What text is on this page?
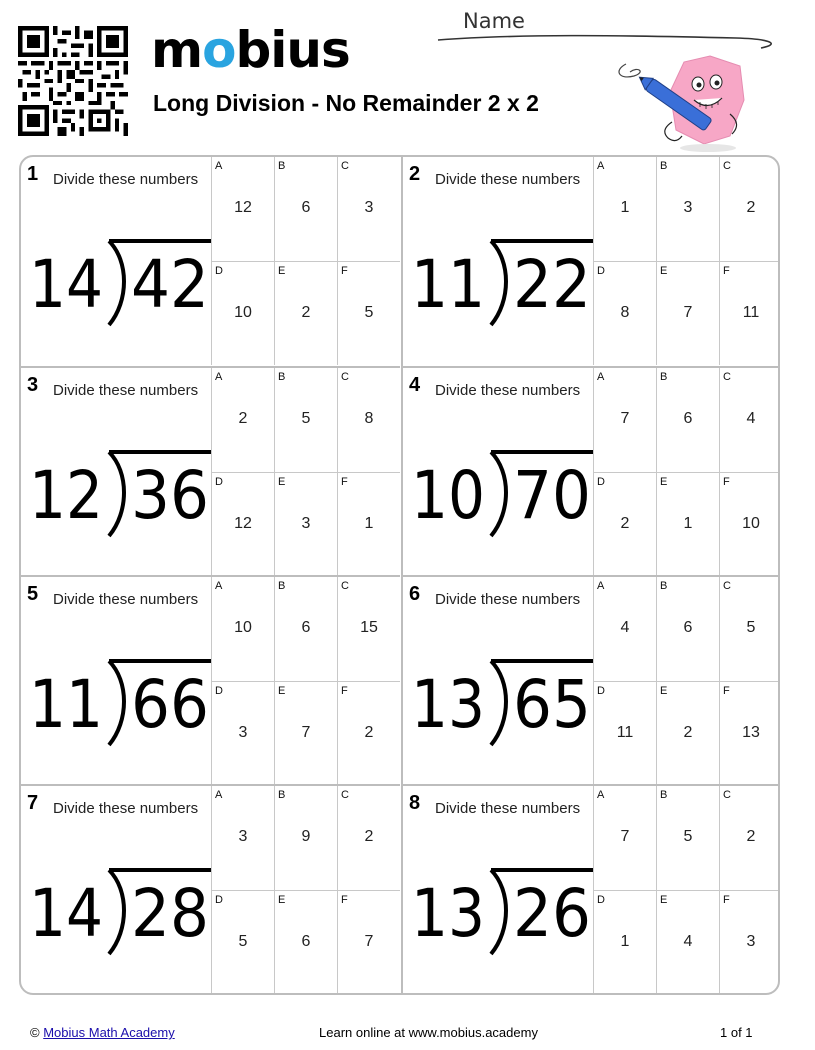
mobius
Long Division - No Remainder 2 x 2
Name
1 Divide these numbers
14 42
A
12
B
6
C
3
D
10
E
2
F
5
2 Divide these numbers
11 22
A
1
B
3
C
2
D
8
E
7
F
11
3 Divide these numbers
12 36
A
2
B
5
C
8
D
12
E
3
F
1
4 Divide these numbers
10 70
A
7
B
6
C
4
D
2
E
1
F
10
5 Divide these numbers
11 66
A
10
B
6
C
15
D
3
E
7
F
2
6 Divide these numbers
13 65
A
4
B
6
C
5
D
11
E
2
F
13
7 Divide these numbers
14 28
A
3
B
9
C
2
D
5
E
6
F
7
8 Divide these numbers
13 26
A
7
B
5
C
2
D
1
E
4
F
3
© Mobius Math Academy	Learn online at www.mobius.academy	1 of 1
